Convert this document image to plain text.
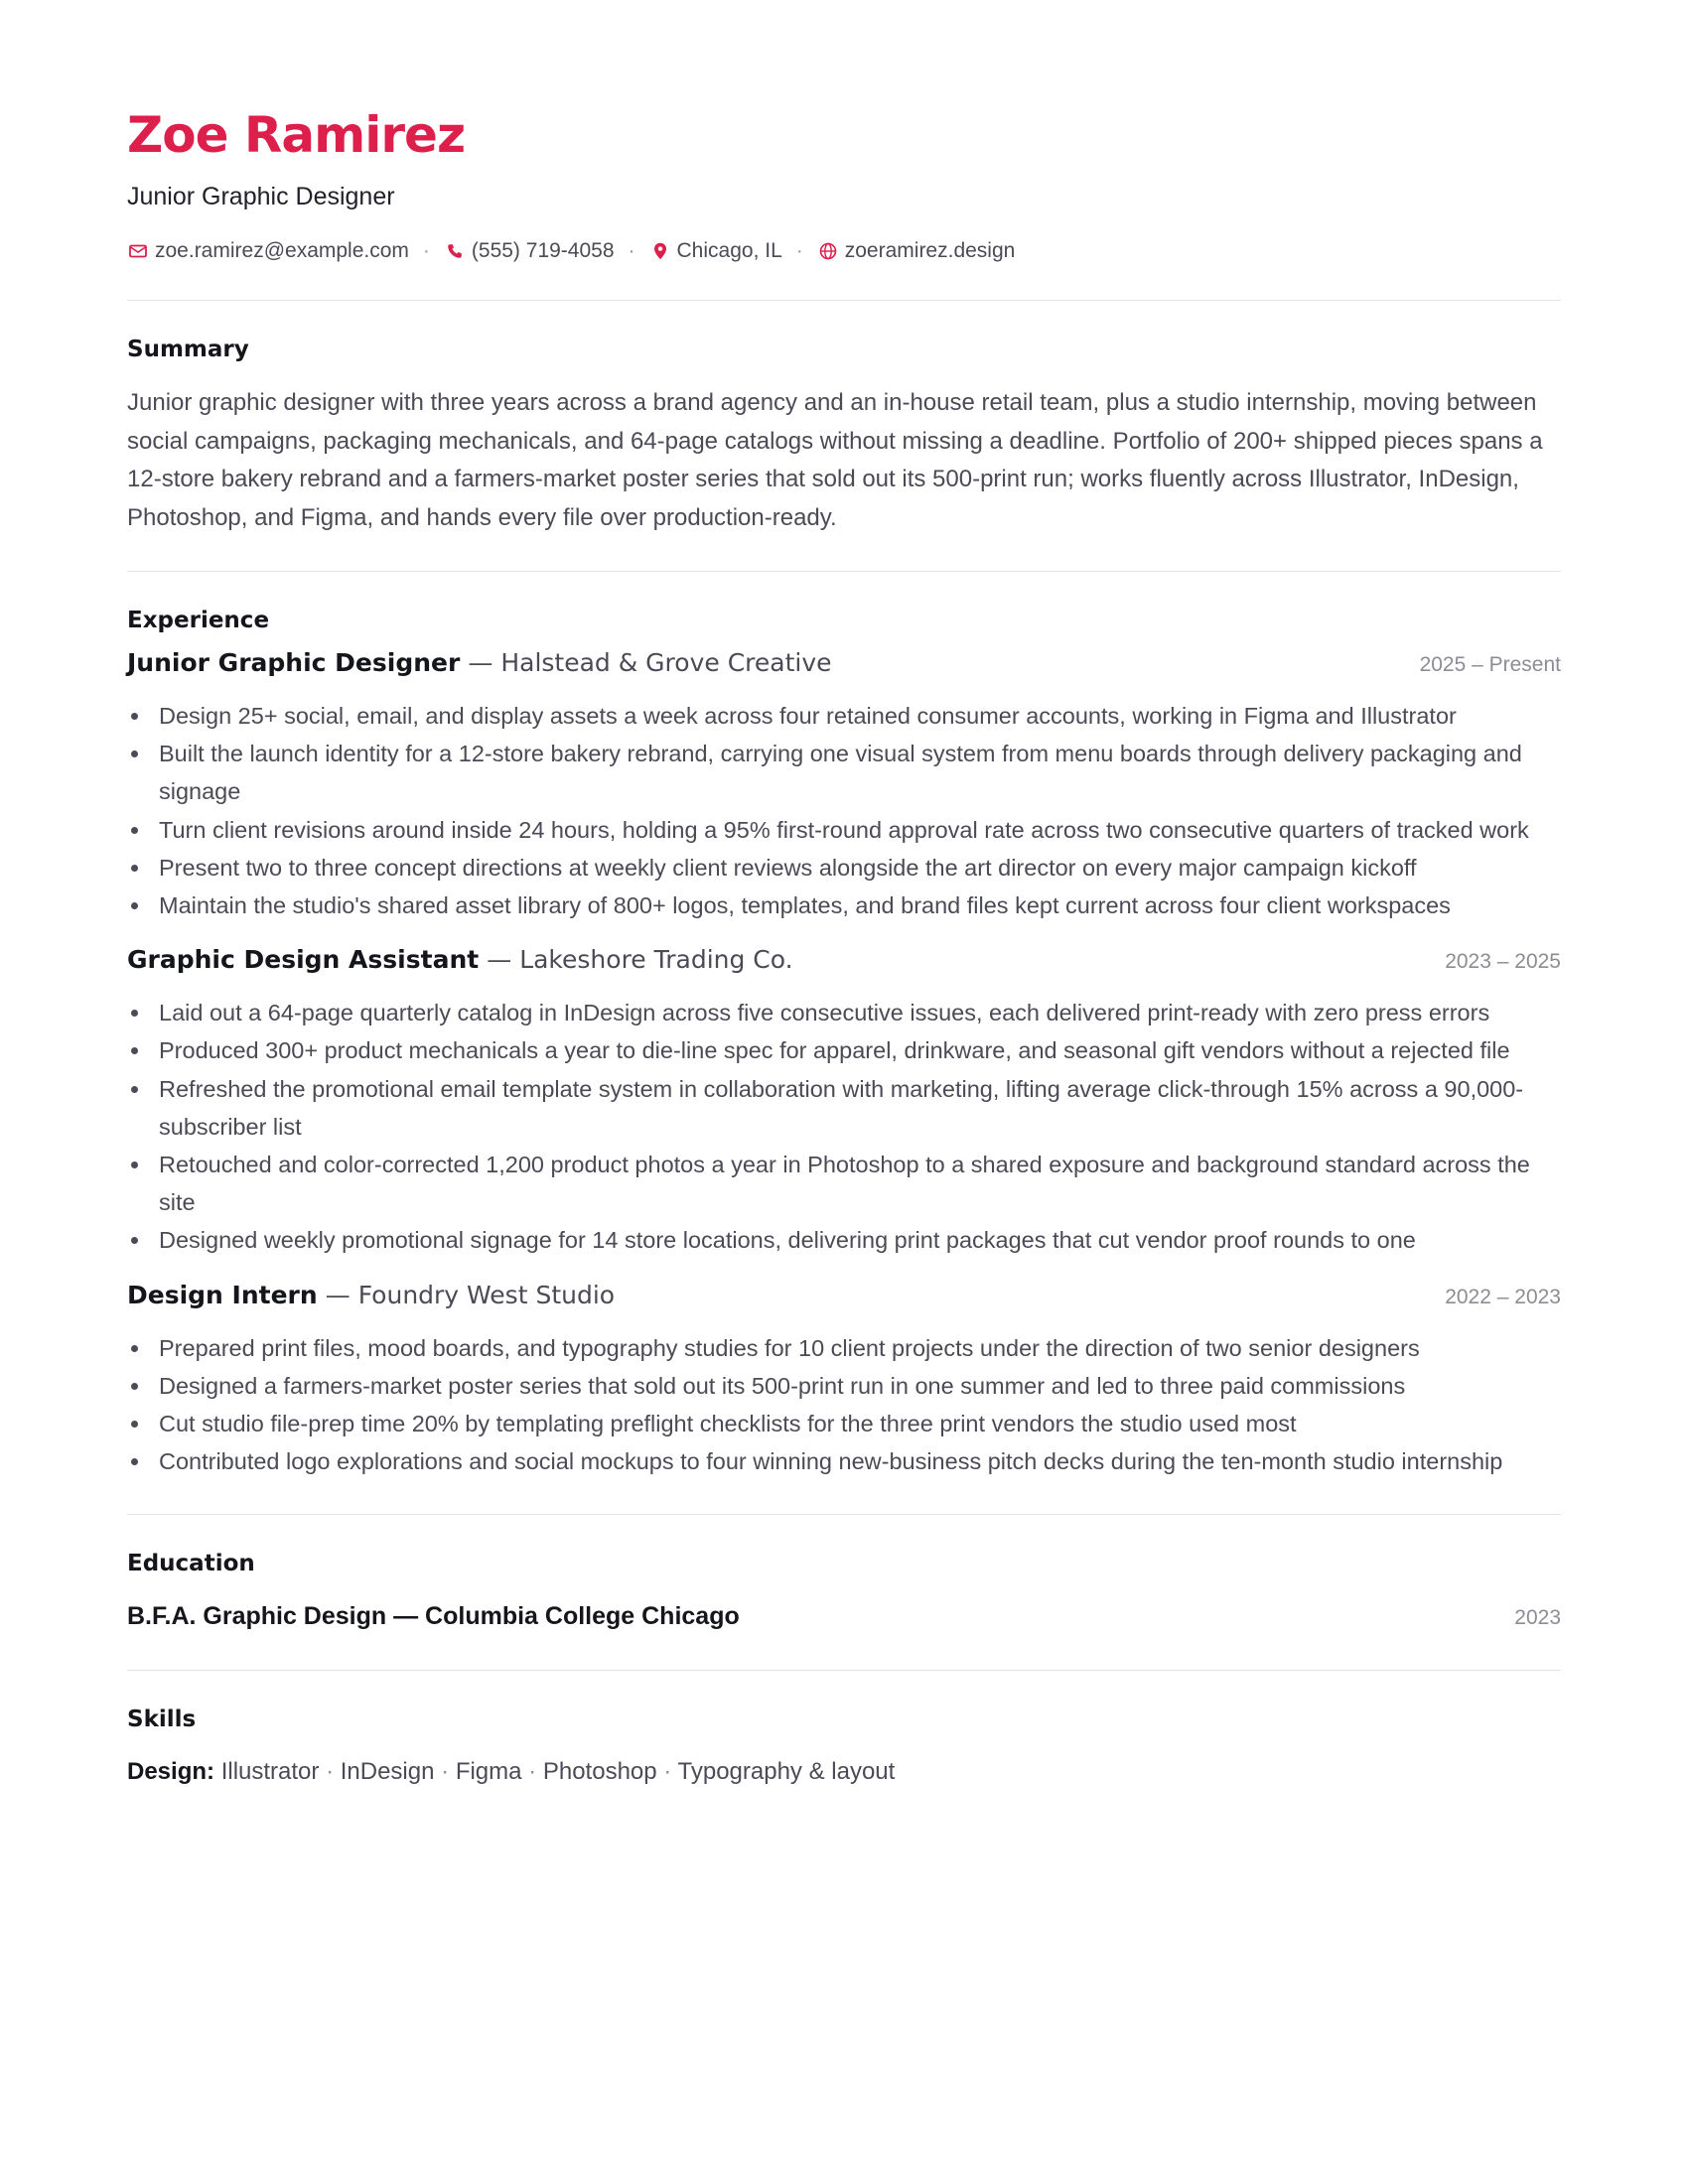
Zoe Ramirez
Junior Graphic Designer
zoe.ramirez@example.com · (555) 719-4058 · Chicago, IL · zoeramirez.design
Summary

Junior graphic designer with three years across a brand agency and an in-house retail team, plus a studio internship, moving between social campaigns, packaging mechanicals, and 64-page catalogs without missing a deadline. Portfolio of 200+ shipped pieces spans a 12-store bakery rebrand and a farmers-market poster series that sold out its 500-print run; works fluently across Illustrator, InDesign, Photoshop, and Figma, and hands every file over production-ready.

Experience
Junior Graphic Designer — Halstead & Grove Creative	2025 – Present
Design 25+ social, email, and display assets a week across four retained consumer accounts, working in Figma and Illustrator
Built the launch identity for a 12-store bakery rebrand, carrying one visual system from menu boards through delivery packaging and signage
Turn client revisions around inside 24 hours, holding a 95% first-round approval rate across two consecutive quarters of tracked work
Present two to three concept directions at weekly client reviews alongside the art director on every major campaign kickoff
Maintain the studio's shared asset library of 800+ logos, templates, and brand files kept current across four client workspaces
Graphic Design Assistant — Lakeshore Trading Co.	2023 – 2025
Laid out a 64-page quarterly catalog in InDesign across five consecutive issues, each delivered print-ready with zero press errors
Produced 300+ product mechanicals a year to die-line spec for apparel, drinkware, and seasonal gift vendors without a rejected file
Refreshed the promotional email template system in collaboration with marketing, lifting average click-through 15% across a 90,000-subscriber list
Retouched and color-corrected 1,200 product photos a year in Photoshop to a shared exposure and background standard across the site
Designed weekly promotional signage for 14 store locations, delivering print packages that cut vendor proof rounds to one
Design Intern — Foundry West Studio	2022 – 2023
Prepared print files, mood boards, and typography studies for 10 client projects under the direction of two senior designers
Designed a farmers-market poster series that sold out its 500-print run in one summer and led to three paid commissions
Cut studio file-prep time 20% by templating preflight checklists for the three print vendors the studio used most
Contributed logo explorations and social mockups to four winning new-business pitch decks during the ten-month studio internship
Education
B.F.A. Graphic Design — Columbia College Chicago	2023
Skills
Design: Illustrator · InDesign · Figma · Photoshop · Typography & layout
